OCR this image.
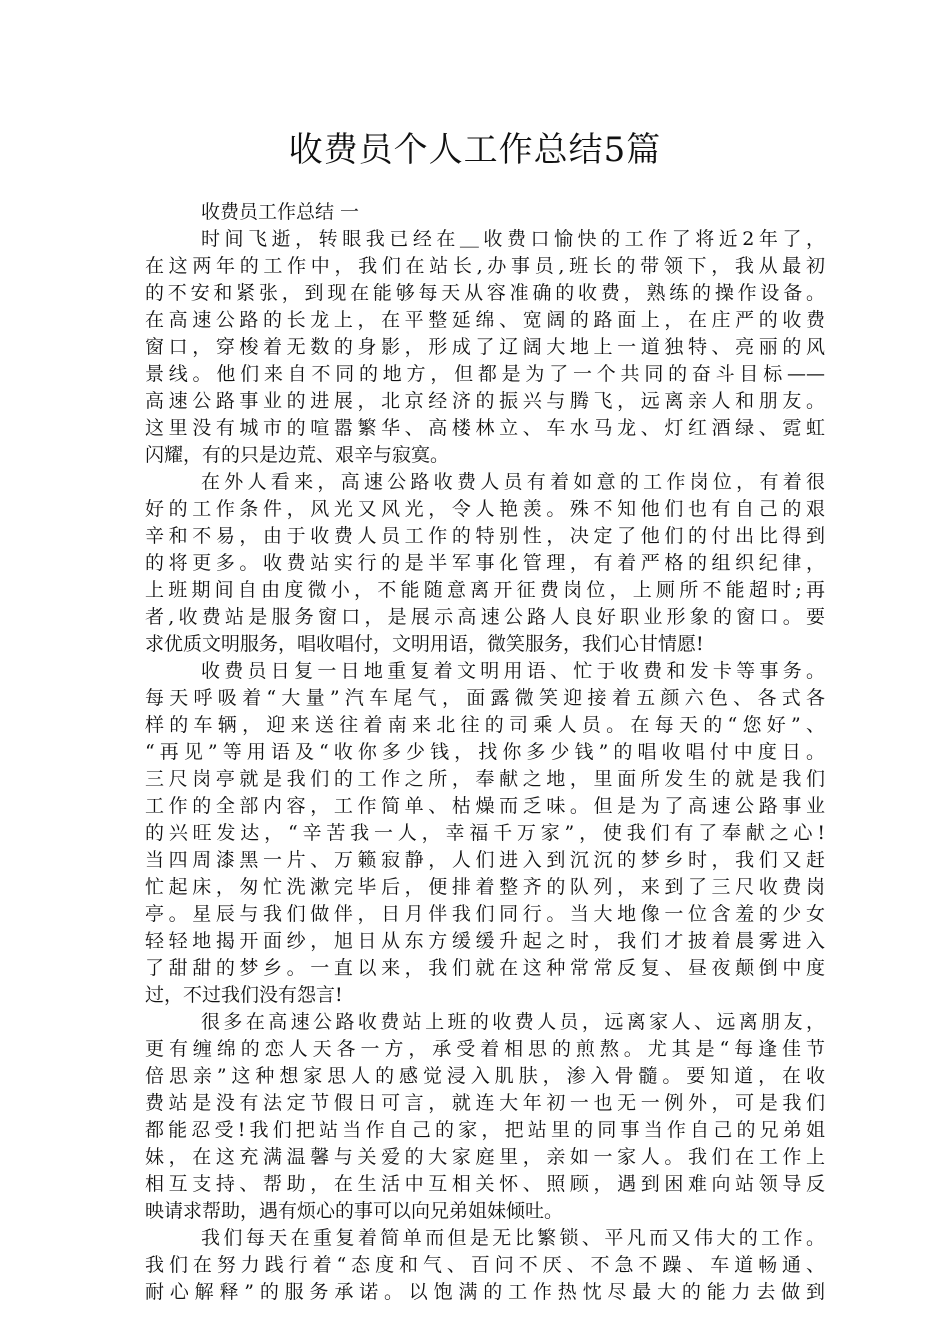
收费员个人工作总结5篇
收费员工作总结 一

时间飞逝，转眼我已经在＿收费口愉快的工作了将近2年了，
在这两年的工作中，我们在站长,办事员,班长的带领下，我从最初
的不安和紧张，到现在能够每天从容准确的收费，熟练的操作设备。
在高速公路的长龙上，在平整延绵、宽阔的路面上，在庄严的收费
窗口，穿梭着无数的身影，形成了辽阔大地上一道独特、亮丽的风
景线。他们来自不同的地方，但都是为了一个共同的奋斗目标——
高速公路事业的进展，北京经济的振兴与腾飞，远离亲人和朋友。
这里没有城市的喧嚣繁华、高楼林立、车水马龙、灯红酒绿、霓虹
闪耀，有的只是边荒、艰辛与寂寞。

在外人看来，高速公路收费人员有着如意的工作岗位，有着很
好的工作条件，风光又风光，令人艳羡。殊不知他们也有自己的艰
辛和不易，由于收费人员工作的特别性，决定了他们的付出比得到
的将更多。收费站实行的是半军事化管理，有着严格的组织纪律，
上班期间自由度微小，不能随意离开征费岗位，上厕所不能超时;再
者,收费站是服务窗口，是展示高速公路人良好职业形象的窗口。要
求优质文明服务，唱收唱付，文明用语，微笑服务，我们心甘情愿!

收费员日复一日地重复着文明用语、忙于收费和发卡等事务。
每天呼吸着“大量”汽车尾气，面露微笑迎接着五颜六色、各式各
样的车辆，迎来送往着南来北往的司乘人员。在每天的“您好”、
“再见”等用语及“收你多少钱，找你多少钱”的唱收唱付中度日。
三尺岗亭就是我们的工作之所，奉献之地，里面所发生的就是我们
工作的全部内容，工作简单、枯燥而乏味。但是为了高速公路事业
的兴旺发达，“辛苦我一人，幸福千万家”，使我们有了奉献之心!
当四周漆黑一片、万籁寂静，人们进入到沉沉的梦乡时，我们又赶
忙起床，匆忙洗漱完毕后，便排着整齐的队列，来到了三尺收费岗
亭。星辰与我们做伴，日月伴我们同行。当大地像一位含羞的少女
轻轻地揭开面纱，旭日从东方缓缓升起之时，我们才披着晨雾进入
了甜甜的梦乡。一直以来，我们就在这种常常反复、昼夜颠倒中度
过，不过我们没有怨言!

很多在高速公路收费站上班的收费人员，远离家人、远离朋友，
更有缠绵的恋人天各一方，承受着相思的煎熬。尤其是“每逢佳节
倍思亲”这种想家思人的感觉浸入肌肤，渗入骨髓。要知道，在收
费站是没有法定节假日可言，就连大年初一也无一例外，可是我们
都能忍受!我们把站当作自己的家，把站里的同事当作自己的兄弟姐
妹，在这充满温馨与关爱的大家庭里，亲如一家人。我们在工作上
相互支持、帮助，在生活中互相关怀、照顾，遇到困难向站领导反
映请求帮助，遇有烦心的事可以向兄弟姐妹倾吐。

我们每天在重复着简单而但是无比繁锁、平凡而又伟大的工作。
我们在努力践行着“态度和气、百问不厌、不急不躁、车道畅通、
耐心解释”的服务承诺。以饱满的工作热忱尽最大的能力去做到
